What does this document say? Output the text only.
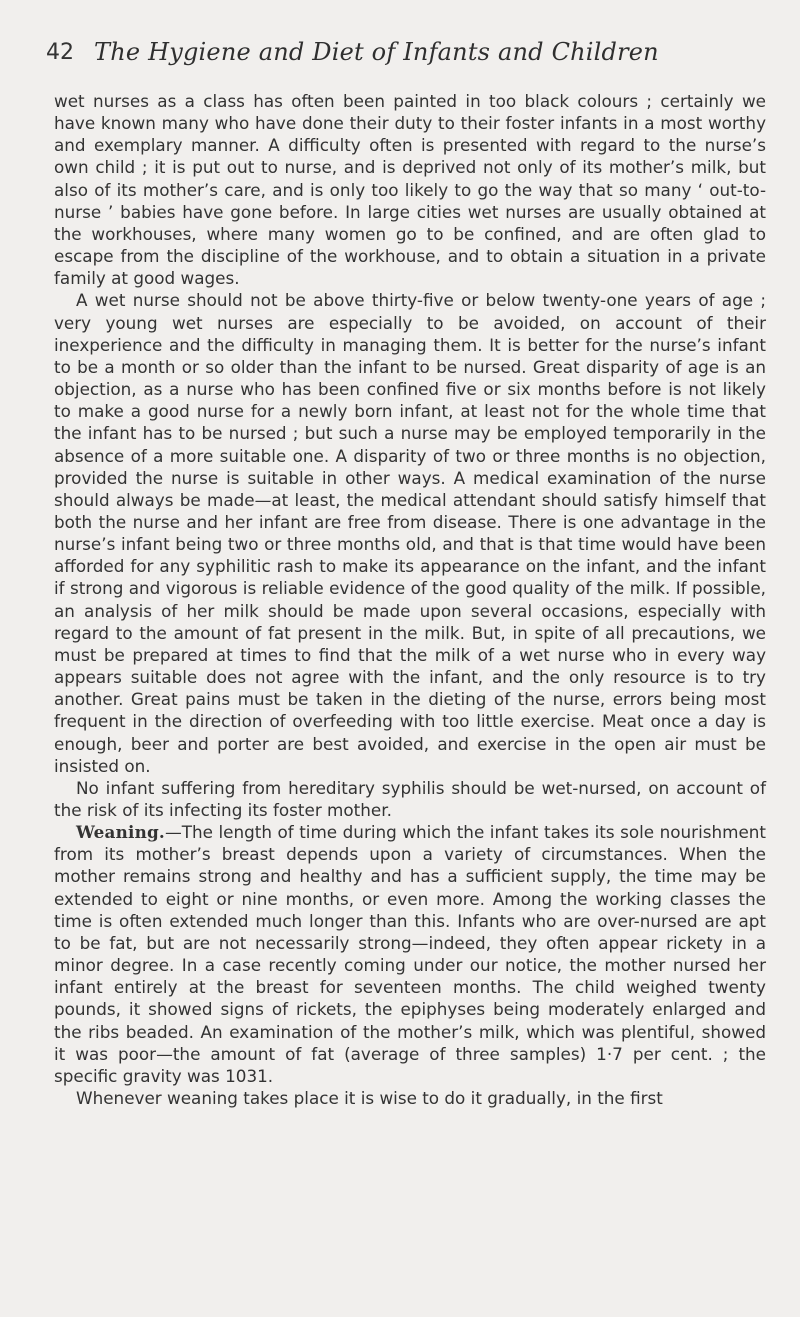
42 The Hygiene and Diet of Infants and Children

wet nurses as a class has often been painted in too black colours ; certainly we have known many who have done their duty to their foster infants in a most worthy and exemplary manner. A difficulty often is presented with regard to the nurse’s own child ; it is put out to nurse, and is deprived not only of its mother’s milk, but also of its mother’s care, and is only too likely to go the way that so many ‘ out-to-nurse ’ babies have gone before. In large cities wet nurses are usually obtained at the workhouses, where many women go to be confined, and are often glad to escape from the discipline of the workhouse, and to obtain a situation in a private family at good wages.

A wet nurse should not be above thirty-five or below twenty-one years of age ; very young wet nurses are especially to be avoided, on account of their inexperience and the difficulty in managing them. It is better for the nurse’s infant to be a month or so older than the infant to be nursed. Great disparity of age is an objection, as a nurse who has been confined five or six months before is not likely to make a good nurse for a newly born infant, at least not for the whole time that the infant has to be nursed ; but such a nurse may be employed temporarily in the absence of a more suitable one. A disparity of two or three months is no objection, provided the nurse is suitable in other ways. A medical examination of the nurse should always be made—at least, the medical attendant should satisfy himself that both the nurse and her infant are free from disease. There is one advantage in the nurse’s infant being two or three months old, and that is that time would have been afforded for any syphilitic rash to make its appearance on the infant, and the infant if strong and vigorous is reliable evidence of the good quality of the milk. If possible, an analysis of her milk should be made upon several occasions, especially with regard to the amount of fat present in the milk. But, in spite of all precautions, we must be prepared at times to find that the milk of a wet nurse who in every way appears suitable does not agree with the infant, and the only resource is to try another. Great pains must be taken in the dieting of the nurse, errors being most frequent in the direction of overfeeding with too little exercise. Meat once a day is enough, beer and porter are best avoided, and exercise in the open air must be insisted on.

No infant suffering from hereditary syphilis should be wet-nursed, on account of the risk of its infecting its foster mother.

Weaning.—The length of time during which the infant takes its sole nourishment from its mother’s breast depends upon a variety of circumstances. When the mother remains strong and healthy and has a sufficient supply, the time may be extended to eight or nine months, or even more. Among the working classes the time is often extended much longer than this. Infants who are over-nursed are apt to be fat, but are not necessarily strong—indeed, they often appear rickety in a minor degree. In a case recently coming under our notice, the mother nursed her infant entirely at the breast for seventeen months. The child weighed twenty pounds, it showed signs of rickets, the epiphyses being moderately enlarged and the ribs beaded. An examination of the mother’s milk, which was plentiful, showed it was poor—the amount of fat (average of three samples) 1·7 per cent. ; the specific gravity was 1031.

Whenever weaning takes place it is wise to do it gradually, in the first
